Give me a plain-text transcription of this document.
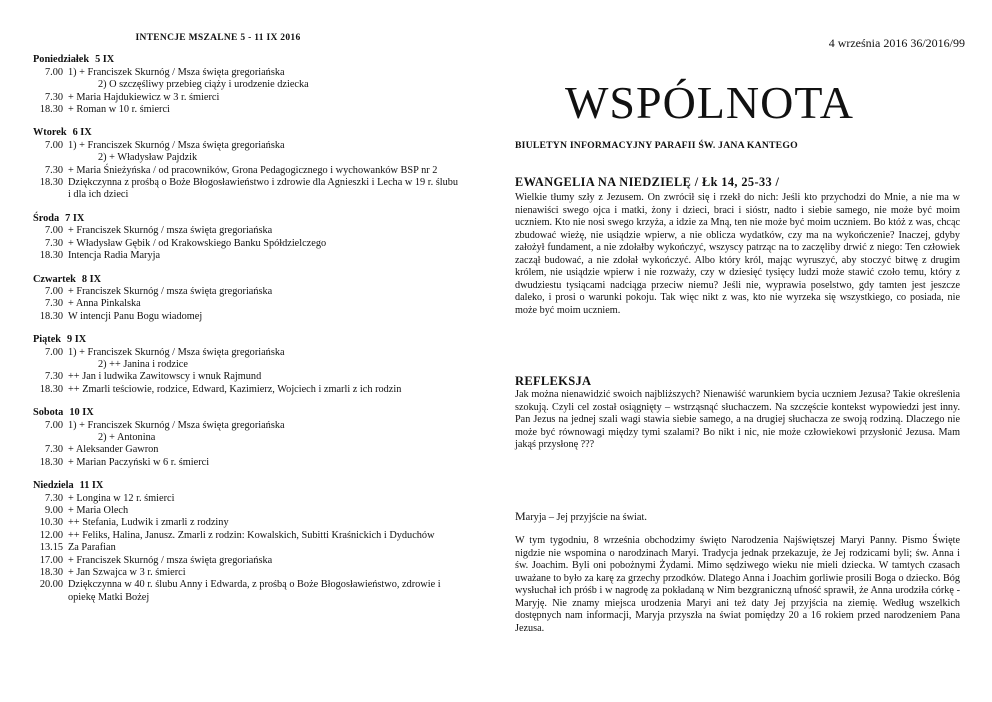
INTENCJE MSZALNE 5 - 11 IX 2016
Poniedziałek 5 IX
7.00 1) + Franciszek Skurnóg / Msza święta gregoriańska
2) O szczęśliwy przebieg ciąży i urodzenie dziecka
7.30 + Maria Hajdukiewicz w 3 r. śmierci
18.30 + Roman w 10 r. śmierci
Wtorek 6 IX
7.00 1) + Franciszek Skurnóg / Msza święta gregoriańska
2) + Władysław Pajdzik
7.30 + Maria Śnieżyńska / od pracowników, Grona Pedagogicznego i wychowanków BSP nr 2
18.30 Dziękczynna z prośbą o Boże Błogosławieństwo i zdrowie dla Agnieszki i Lecha w 19 r. ślubu i dla ich dzieci
Środa 7 IX
7.00 + Franciszek Skurnóg / msza święta gregoriańska
7.30 + Władysław Gębik / od Krakowskiego Banku Spółdzielczego
18.30 Intencja Radia Maryja
Czwartek 8 IX
7.00 + Franciszek Skurnóg / msza święta gregoriańska
7.30 + Anna Pinkalska
18.30 W intencji Panu Bogu wiadomej
Piątek 9 IX
7.00 1) + Franciszek Skurnóg / Msza święta gregoriańska
2) ++ Janina i rodzice
7.30 ++ Jan i ludwika Zawitowscy i wnuk Rajmund
18.30 ++ Zmarli teściowie, rodzice, Edward, Kazimierz, Wojciech i zmarli z ich rodzin
Sobota 10 IX
7.00 1) + Franciszek Skurnóg / Msza święta gregoriańska
2) + Antonina
7.30 + Aleksander Gawron
18.30 + Marian Paczyński w 6 r. śmierci
Niedziela 11 IX
7.30 + Longina w 12 r. śmierci
9.00 + Maria Olech
10.30 ++ Stefania, Ludwik i zmarli z rodziny
12.00 ++ Feliks, Halina, Janusz. Zmarli z rodzin: Kowalskich, Subitti Kraśnickich i Dyduchów
13.15 Za Parafian
17.00 + Franciszek Skurnóg / msza święta gregoriańska
18.30 + Jan Szwajca w 3 r. śmierci
20.00 Dziękczynna w 40 r. ślubu Anny i Edwarda, z prośbą o Boże Błogosławieństwo, zdrowie i opiekę Matki Bożej
4 września 2016 36/2016/99
WSPÓLNOTA
BIULETYN INFORMACYJNY PARAFII ŚW. JANA KANTEGO
EWANGELIA NA NIEDZIELĘ / Łk 14, 25-33 /
Wielkie tłumy szły z Jezusem. On zwrócił się i rzekł do nich: Jeśli kto przychodzi do Mnie, a nie ma w nienawiści swego ojca i matki, żony i dzieci, braci i sióstr, nadto i siebie samego, nie może być moim uczniem. Kto nie nosi swego krzyża, a idzie za Mną, ten nie może być moim uczniem. Bo któż z was, chcąc zbudować wieżę, nie usiądzie wpierw, a nie oblicza wydatków, czy ma na wykończenie? Inaczej, gdyby założył fundament, a nie zdołałby wykończyć, wszyscy patrząc na to zaczęliby drwić z niego: Ten człowiek zaczął budować, a nie zdołał wykończyć. Albo który król, mając wyruszyć, aby stoczyć bitwę z drugim królem, nie usiądzie wpierw i nie rozważy, czy w dziesięć tysięcy ludzi może stawić czoło temu, który z dwudziestu tysiącami nadciąga przeciw niemu? Jeśli nie, wyprawia poselstwo, gdy tamten jest jeszcze daleko, i prosi o warunki pokoju. Tak więc nikt z was, kto nie wyrzeka się wszystkiego, co posiada, nie może być moim uczniem.
REFLEKSJA
Jak można nienawidzić swoich najbliższych? Nienawiść warunkiem bycia uczniem Jezusa? Takie określenia szokują. Czyli cel został osiągnięty – wstrząsnąć słuchaczem. Na szczęście kontekst wypowiedzi jest inny. Pan Jezus na jednej szali wagi stawia siebie samego, a na drugiej słuchacza ze swoją rodziną. Dlaczego nie może być równowagi między tymi szalami? Bo nikt i nic, nie może człowiekowi przysłonić Jezusa. Mam jakąś przysłonę ???
Maryja – Jej przyjście na świat.
W tym tygodniu, 8 września obchodzimy święto Narodzenia Najświętszej Maryi Panny. Pismo Święte nigdzie nie wspomina o narodzinach Maryi. Tradycja jednak przekazuje, że Jej rodzicami byli; św. Anna i św. Joachim. Byli oni pobożnymi Żydami. Mimo sędziwego wieku nie mieli dziecka. W tamtych czasach uważane to było za karę za grzechy przodków. Dlatego Anna i Joachim gorliwie prosili Boga o dziecko. Bóg wysłuchał ich próśb i w nagrodę za pokładaną w Nim bezgraniczną ufność sprawił, że Anna urodziła córkę - Maryję. Nie znamy miejsca urodzenia Maryi ani też daty Jej przyjścia na ziemię. Według wszelkich dostępnych nam informacji, Maryja przyszła na świat pomiędzy 20 a 16 rokiem przed narodzeniem Pana Jezusa.
